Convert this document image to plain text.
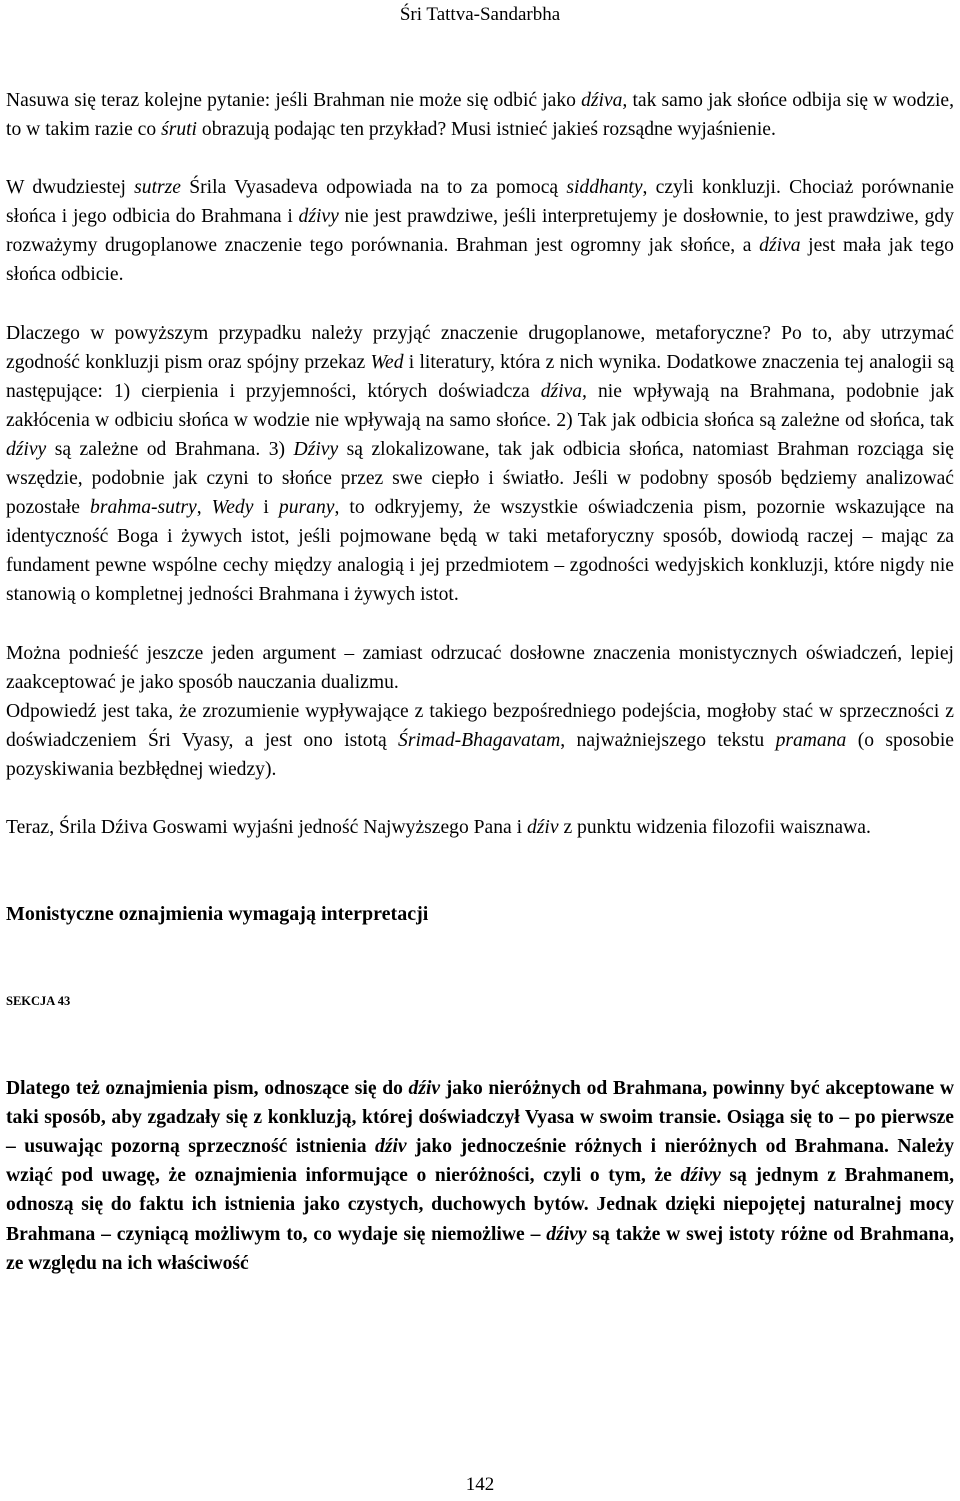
Śri Tattva-Sandarbha

Nasuwa się teraz kolejne pytanie: jeśli Brahman nie może się odbić jako dźiva, tak samo jak słońce odbija się w wodzie, to w takim razie co śruti obrazują podając ten przykład? Musi istnieć jakieś rozsądne wyjaśnienie.

W dwudziestej sutrze Śrila Vyasadeva odpowiada na to za pomocą siddhanty, czyli konkluzji. Chociaż porównanie słońca i jego odbicia do Brahmana i dźivy nie jest prawdziwe, jeśli interpretujemy je dosłownie, to jest prawdziwe, gdy rozważymy drugoplanowe znaczenie tego porównania. Brahman jest ogromny jak słońce, a dźiva jest mała jak tego słońca odbicie.

Dlaczego w powyższym przypadku należy przyjąć znaczenie drugoplanowe, metaforyczne? Po to, aby utrzymać zgodność konkluzji pism oraz spójny przekaz Wed i literatury, która z nich wynika. Dodatkowe znaczenia tej analogii są następujące: 1) cierpienia i przyjemności, których doświadcza dźiva, nie wpływają na Brahmana, podobnie jak zakłócenia w odbiciu słońca w wodzie nie wpływają na samo słońce. 2) Tak jak odbicia słońca są zależne od słońca, tak dźivy są zależne od Brahmana. 3) Dźivy są zlokalizowane, tak jak odbicia słońca, natomiast Brahman rozciąga się wszędzie, podobnie jak czyni to słońce przez swe ciepło i światło. Jeśli w podobny sposób będziemy analizować pozostałe brahma-sutry, Wedy i purany, to odkryjemy, że wszystkie oświadczenia pism, pozornie wskazujące na identyczność Boga i żywych istot, jeśli pojmowane będą w taki metaforyczny sposób, dowiodą raczej – mając za fundament pewne wspólne cechy między analogią i jej przedmiotem – zgodności wedyjskich konkluzji, które nigdy nie stanowią o kompletnej jedności Brahmana i żywych istot.

Można podnieść jeszcze jeden argument – zamiast odrzucać dosłowne znaczenia monistycznych oświadczeń, lepiej zaakceptować je jako sposób nauczania dualizmu.

Odpowiedź jest taka, że zrozumienie wypływające z takiego bezpośredniego podejścia, mogłoby stać w sprzeczności z doświadczeniem Śri Vyasy, a jest ono istotą Śrimad-Bhagavatam, najważniejszego tekstu pramana (o sposobie pozyskiwania bezbłędnej wiedzy).

Teraz, Śrila Dźiva Goswami wyjaśni jedność Najwyższego Pana i dźiv z punktu widzenia filozofii waisznawa.

Monistyczne oznajmienia wymagają interpretacji
SEKCJA 43

Dlatego też oznajmienia pism, odnoszące się do dźiv jako nieróżnych od Brahmana, powinny być akceptowane w taki sposób, aby zgadzały się z konkluzją, której doświadczył Vyasa w swoim transie. Osiąga się to – po pierwsze – usuwając pozorną sprzeczność istnienia dźiv jako jednocześnie różnych i nieróżnych od Brahmana. Należy wziąć pod uwagę, że oznajmienia informujące o nieróżności, czyli o tym, że dźivy są jednym z Brahmanem, odnoszą się do faktu ich istnienia jako czystych, duchowych bytów. Jednak dzięki niepojętej naturalnej mocy Brahmana – czyniącą możliwym to, co wydaje się niemożliwe – dźivy są także w swej istoty różne od Brahmana, ze względu na ich właściwość

142
